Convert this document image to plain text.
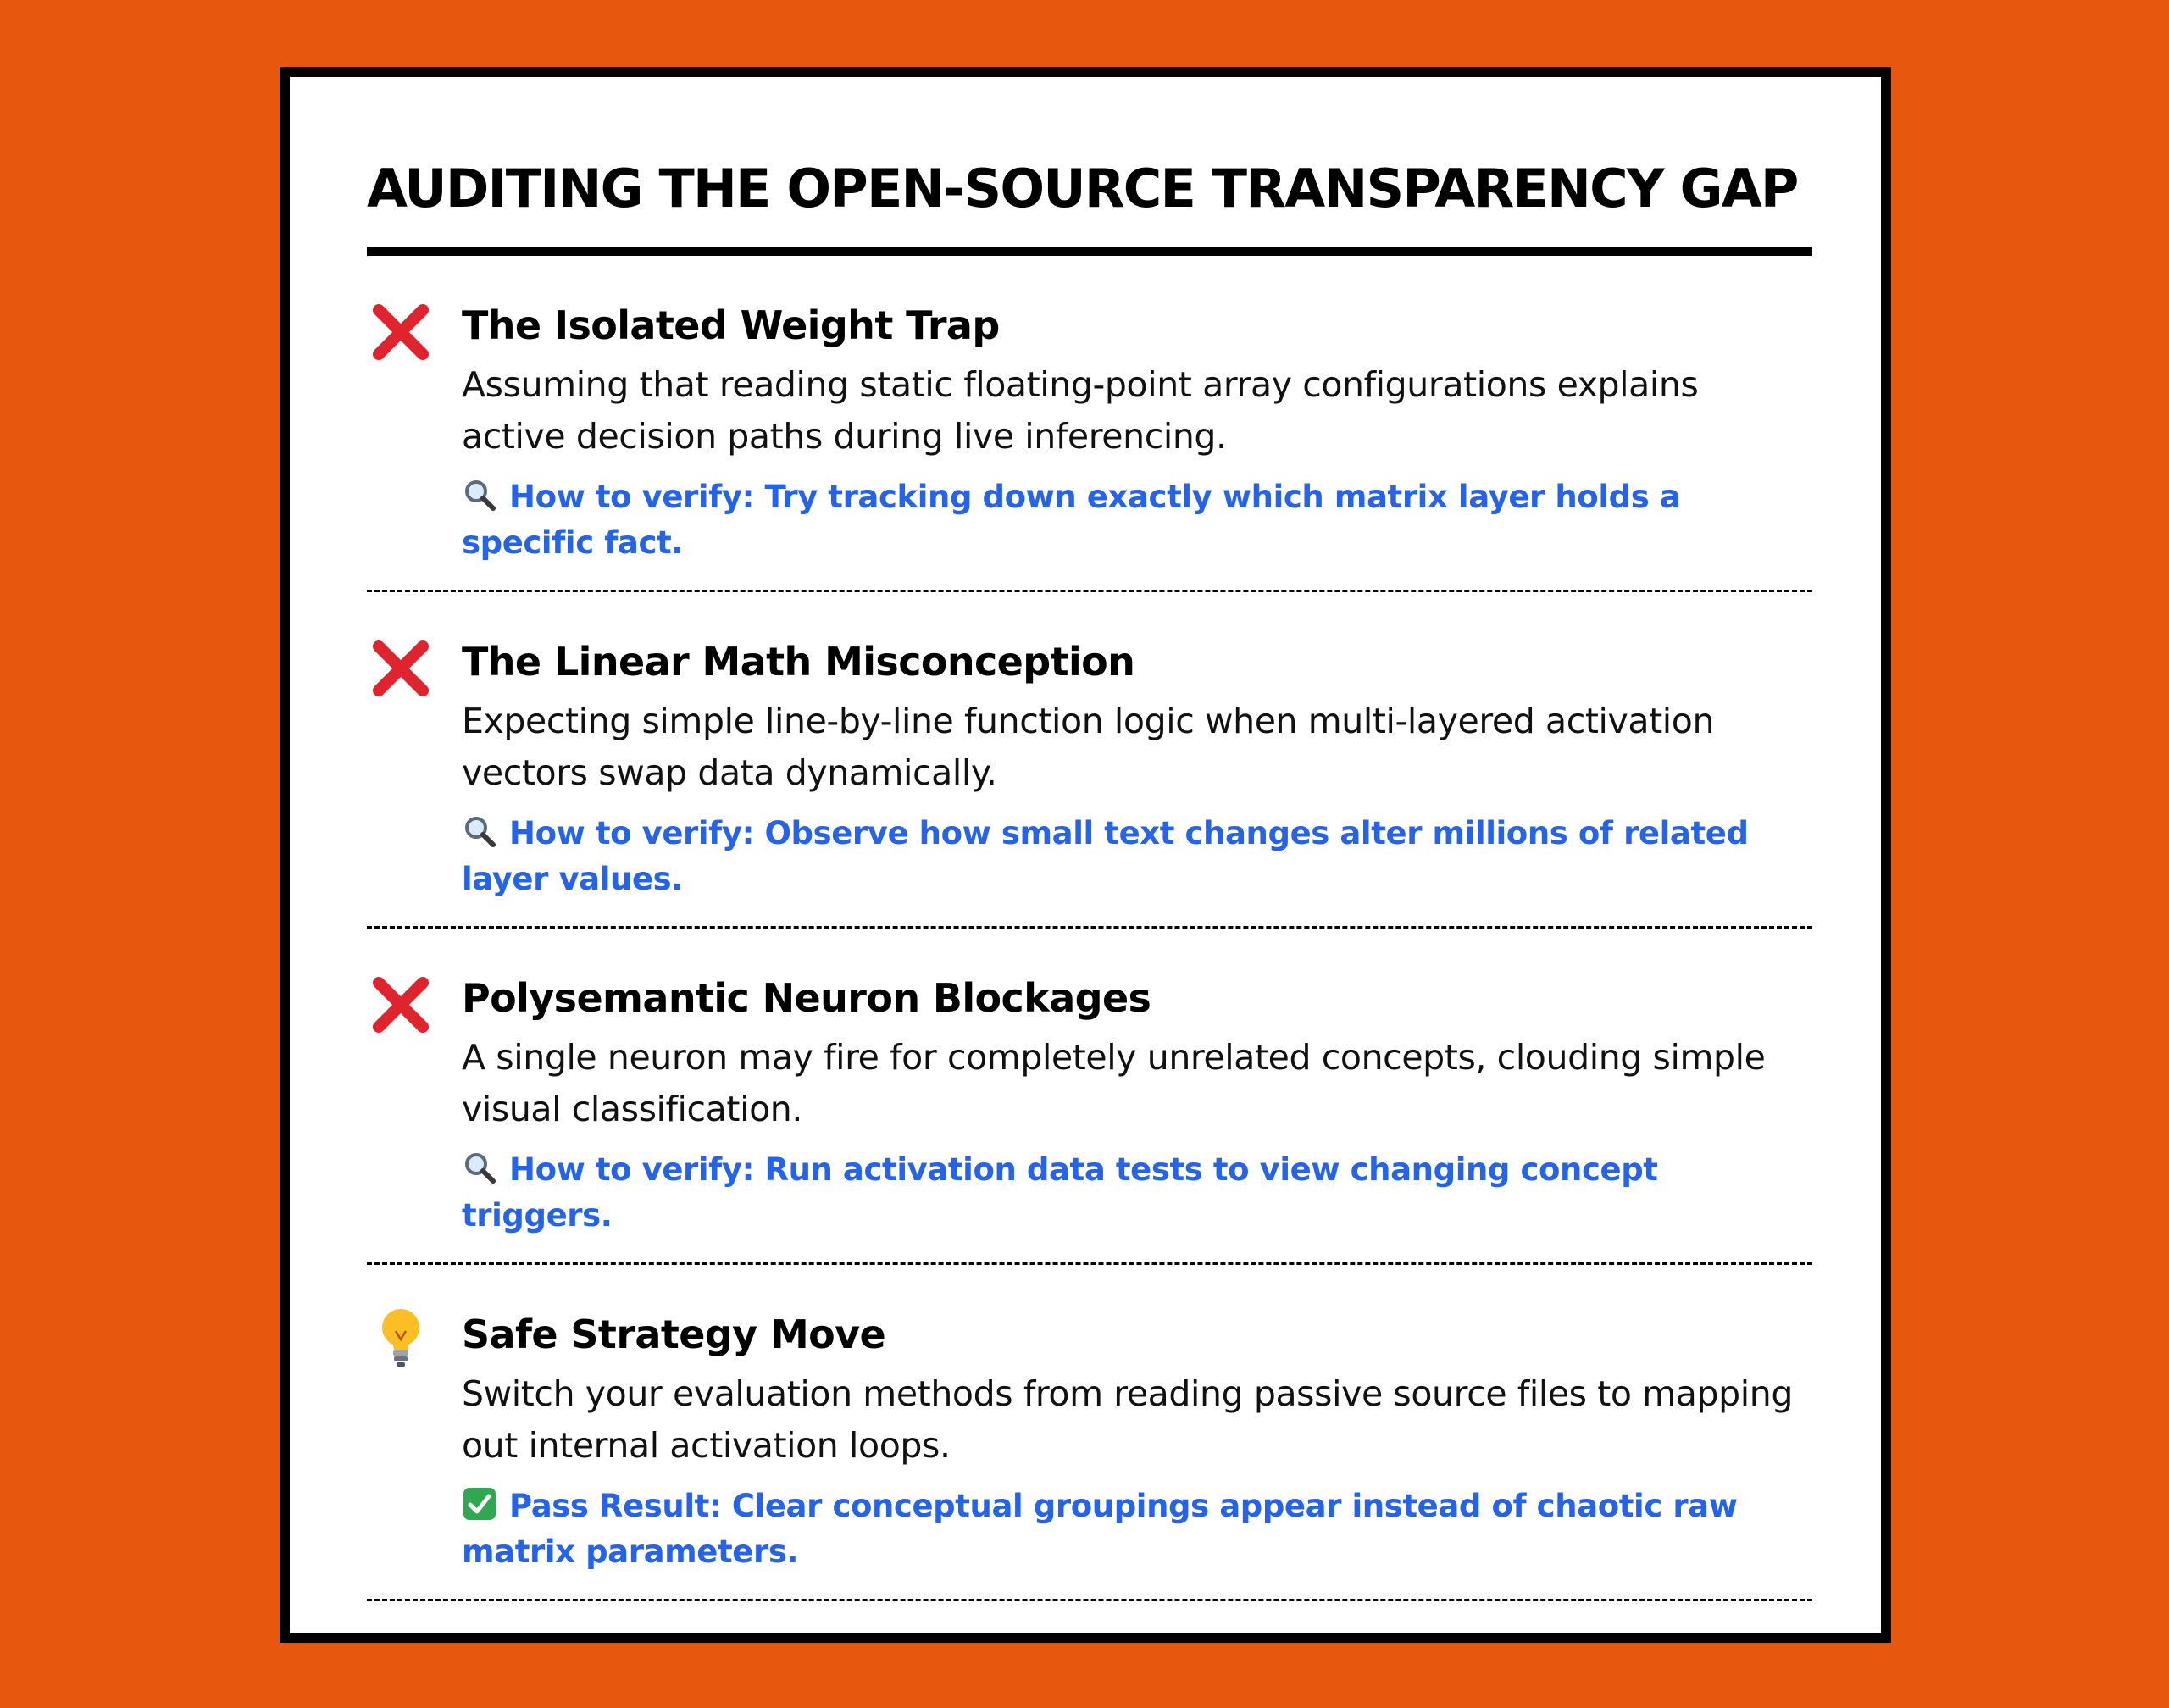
AUDITING THE OPEN-SOURCE TRANSPARENCY GAP
The Isolated Weight Trap
Assuming that reading static floating-point array configurations explains active decision paths during live inferencing.
How to verify: Try tracking down exactly which matrix layer holds a specific fact.
The Linear Math Misconception
Expecting simple line-by-line function logic when multi-layered activation vectors swap data dynamically.
How to verify: Observe how small text changes alter millions of related layer values.
Polysemantic Neuron Blockages
A single neuron may fire for completely unrelated concepts, clouding simple visual classification.
How to verify: Run activation data tests to view changing concept triggers.
Safe Strategy Move
Switch your evaluation methods from reading passive source files to mapping out internal activation loops.
Pass Result: Clear conceptual groupings appear instead of chaotic raw matrix parameters.
